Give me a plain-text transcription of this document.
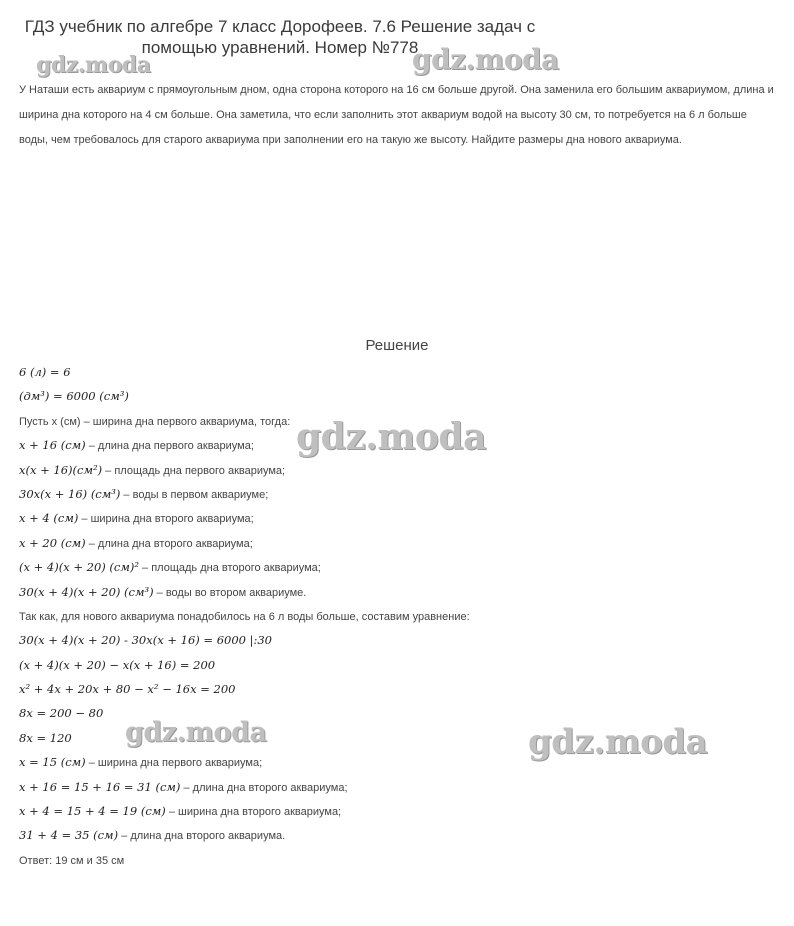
ГДЗ учебник по алгебре 7 класс Дорофеев. 7.6 Решение задач с помощью уравнений. Номер №778

У Наташи есть аквариум с прямоугольным дном, одна сторона которого на 16 см больше другой. Она заменила его большим аквариумом, длина и ширина дна которого на 4 см больше. Она заметила, что если заполнить этот аквариум водой на высоту 30 см, то потребуется на 6 л больше воды, чем требовалось для старого аквариума при заполнении его на такую же высоту. Найдите размеры дна нового аквариума.

Решение
6 (л) = 6
(дм³) = 6000 (см³)
Пусть x (см) – ширина дна первого аквариума, тогда:
x + 16 (см) – длина дна первого аквариума;
x(x + 16)(см²) – площадь дна первого аквариума;
30x(x + 16) (см³) – воды в первом аквариуме;
x + 4 (см) – ширина дна второго аквариума;
x + 20 (см) – длина дна второго аквариума;
(x + 4)(x + 20) (см)² – площадь дна второго аквариума;
30(x + 4)(x + 20) (см³) – воды во втором аквариуме.
Так как, для нового аквариума понадобилось на 6 л воды больше, составим уравнение:
30(x + 4)(x + 20) - 30x(x + 16) = 6000 |:30
(x + 4)(x + 20) − x(x + 16) = 200
x² + 4x + 20x + 80 − x² − 16x = 200
8x = 200 − 80
8x = 120
x = 15 (см) – ширина дна первого аквариума;
x + 16 = 15 + 16 = 31 (см) – длина дна второго аквариума;
x + 4 = 15 + 4 = 19 (см) – ширина дна второго аквариума;
31 + 4 = 35 (см) – длина дна второго аквариума.
Ответ: 19 см и 35 см
gdz.moda	gdz.moda
gdz.moda
gdz.moda	gdz.moda
